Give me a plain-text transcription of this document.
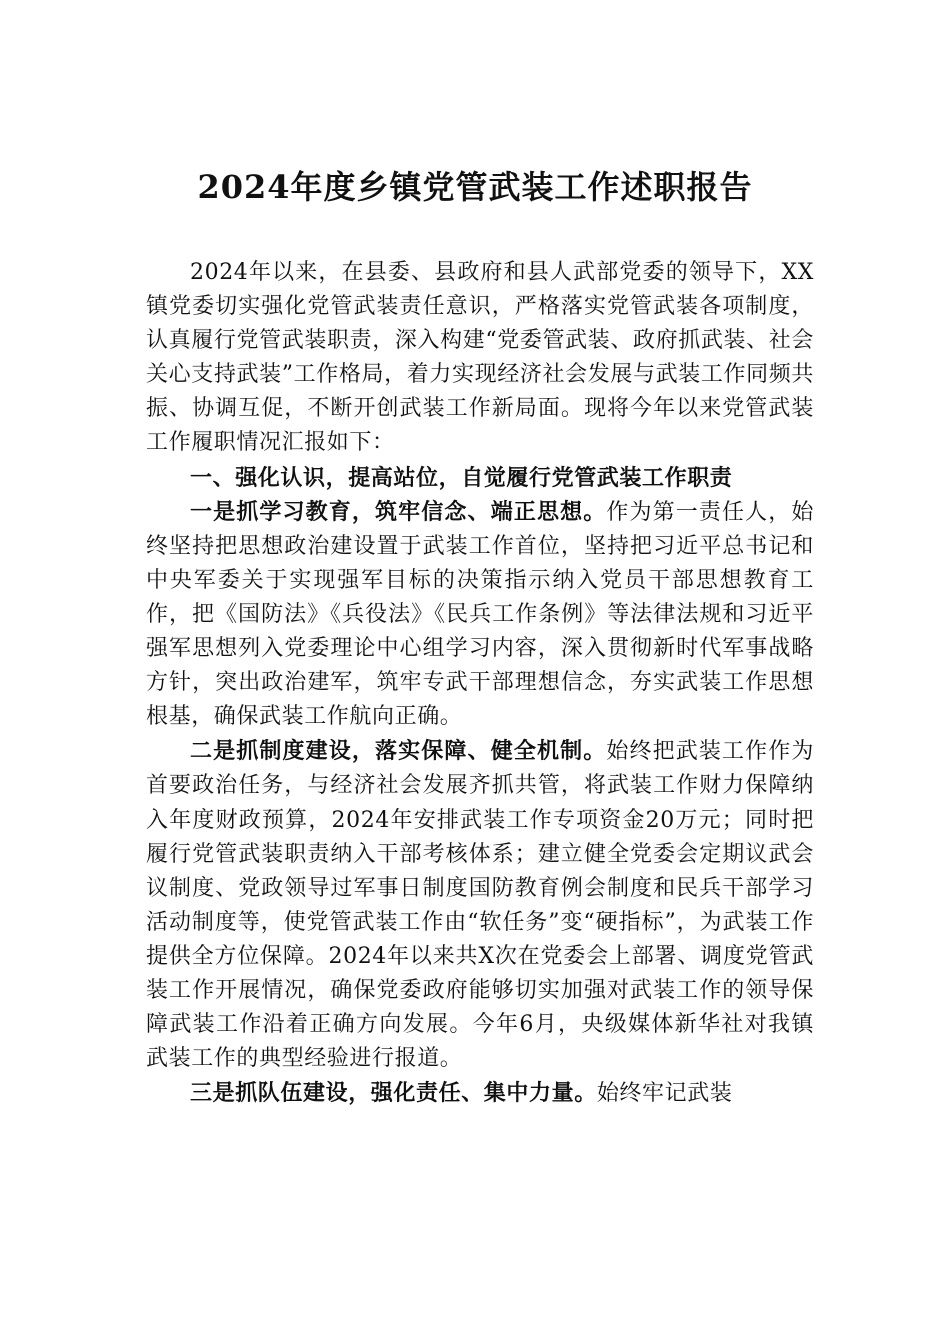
2024年度乡镇党管武装工作述职报告

2024年以来，在县委、县政府和县人武部党委的领导下，XX镇党委切实强化党管武装责任意识，严格落实党管武装各项制度，认真履行党管武装职责，深入构建“党委管武装、政府抓武装、社会关心支持武装”工作格局，着力实现经济社会发展与武装工作同频共振、协调互促，不断开创武装工作新局面。现将今年以来党管武装工作履职情况汇报如下：

一、强化认识，提高站位，自觉履行党管武装工作职责

一是抓学习教育，筑牢信念、端正思想。作为第一责任人，始终坚持把思想政治建设置于武装工作首位，坚持把习近平总书记和中央军委关于实现强军目标的决策指示纳入党员干部思想教育工作，把《国防法》《兵役法》《民兵工作条例》等法律法规和习近平强军思想列入党委理论中心组学习内容，深入贯彻新时代军事战略方针，突出政治建军，筑牢专武干部理想信念，夯实武装工作思想根基，确保武装工作航向正确。

二是抓制度建设，落实保障、健全机制。始终把武装工作作为首要政治任务，与经济社会发展齐抓共管，将武装工作财力保障纳入年度财政预算，2024年安排武装工作专项资金20万元；同时把履行党管武装职责纳入干部考核体系；建立健全党委会定期议武会议制度、党政领导过军事日制度国防教育例会制度和民兵干部学习活动制度等，使党管武装工作由“软任务”变“硬指标”，为武装工作提供全方位保障。2024年以来共X次在党委会上部署、调度党管武装工作开展情况，确保党委政府能够切实加强对武装工作的领导保障武装工作沿着正确方向发展。今年6月，央级媒体新华社对我镇武装工作的典型经验进行报道。

三是抓队伍建设，强化责任、集中力量。始终牢记武装
